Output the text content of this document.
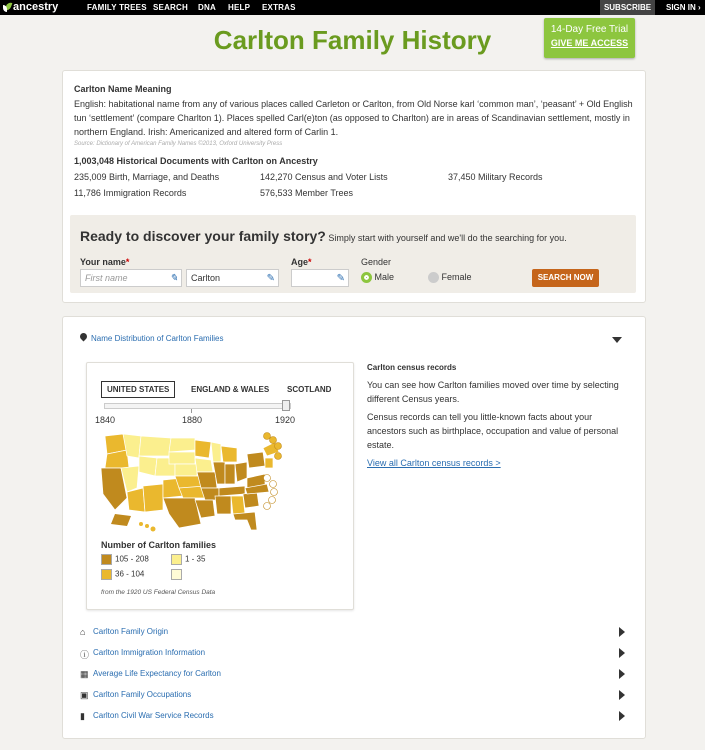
ancestry	FAMILY TREES SEARCH DNA HELP EXTRAS	SUBSCRIBE	SIGN IN ›
Carlton Family History	14-Day Free Trial
GIVE ME ACCESS
Carlton Name Meaning
English: habitational name from any of various places called Carleton or Carlton, from Old Norse karl ‘common man’, ‘peasant’ + Old English tun ‘settlement’ (compare Charlton 1). Places spelled Carl(e)ton (as opposed to Charlton) are in areas of Scandinavian settlement, mostly in northern England. Irish: Americanized and altered form of Carlin 1.
Source: Dictionary of American Family Names ©2013, Oxford University Press
1,003,048 Historical Documents with Carlton on Ancestry
235,009 Birth, Marriage, and Deaths	142,270 Census and Voter Lists	37,450 Military Records
11,786 Immigration Records	576,533 Member Trees
Ready to discover your family story? Simply start with yourself and we'll do the searching for you.
Your name*
First name	✎	Carlton	✎
Age*
✎
Gender
Male	Female	SEARCH NOW
Name Distribution of Carlton Families
UNITED STATES	ENGLAND & WALES SCOTLAND
1840	1880	1920
Number of Carlton families
105 - 208	1 - 35
36 - 104
from the 1920 US Federal Census Data
Carlton census records
You can see how Carlton families moved over time by selecting different Census years.
Census records can tell you little-known facts about your ancestors such as birthplace, occupation and value of personal estate.
View all Carlton census records >
⌂ Carlton Family Origin
ⓘ Carlton Immigration Information
▦ Average Life Expectancy for Carlton
▣ Carlton Family Occupations
▮ Carlton Civil War Service Records
